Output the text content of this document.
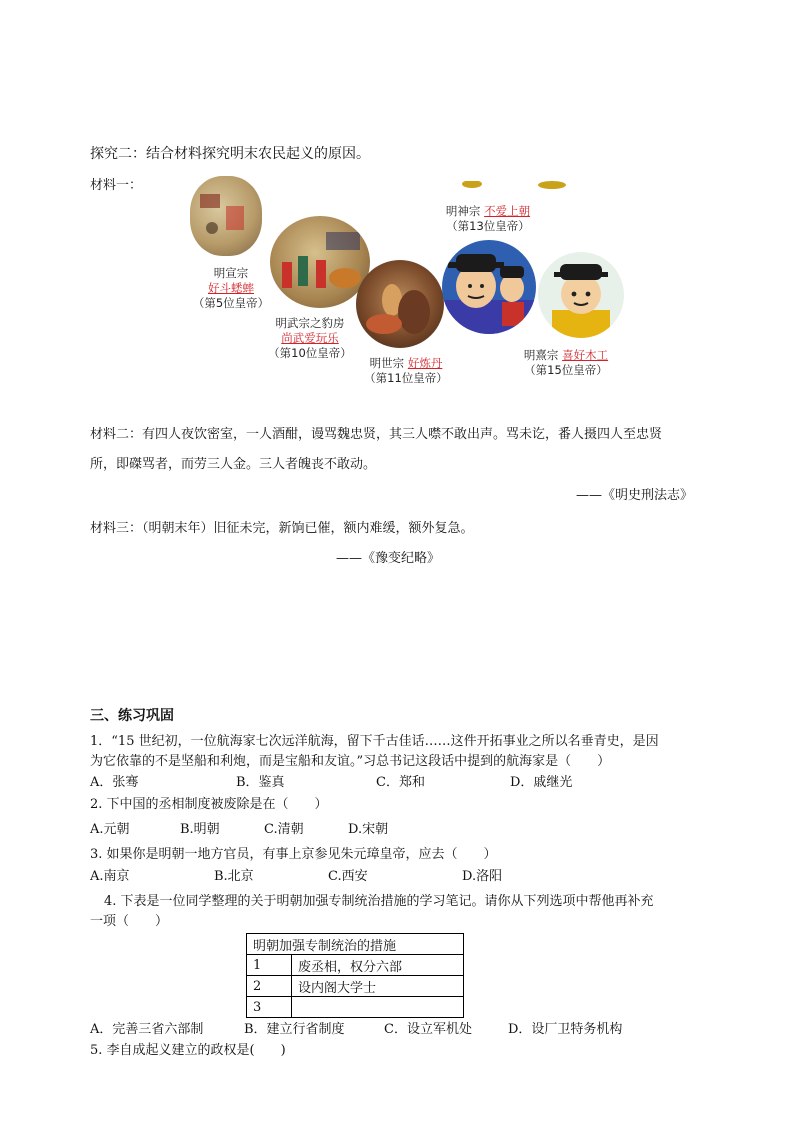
探究二：结合材料探究明末农民起义的原因。
材料一：
明宣宗
好斗蟋蟀
（第5位皇帝）
明武宗之豹房
尚武爱玩乐
（第10位皇帝）
明世宗 好炼丹
（第11位皇帝）
明神宗 不爱上朝
（第13位皇帝）
明熹宗 喜好木工
（第15位皇帝）
材料二：有四人夜饮密室，一人酒酣，谩骂魏忠贤，其三人噤不敢出声。骂未讫，番人摄四人至忠贤
所，即磔骂者，而劳三人金。三人者魄丧不敢动。
——《明史刑法志》
材料三：（明朝末年）旧征未完，新饷已催，额内难缓，额外复急。
——《豫变纪略》
三、练习巩固
1．“15 世纪初，一位航海家七次远洋航海，留下千古佳话……这件开拓事业之所以名垂青史，是因
为它依靠的不是坚船和利炮，而是宝船和友谊。”习总书记这段话中提到的航海家是（　　）
A．张骞	B．鉴真	C．郑和	D．戚继光
2. 下中国的丞相制度被废除是在（　　）
A.元朝	B.明朝	C.清朝	D.宋朝
3. 如果你是明朝一地方官员，有事上京参见朱元璋皇帝，应去（　　）
A.南京	B.北京	C.西安	D.洛阳
4. 下表是一位同学整理的关于明朝加强专制统治措施的学习笔记。请你从下列选项中帮他再补充
一项（　　）
明朝加强专制统治的措施	
1	废丞相，权分六部
2	设内阁大学士
3	
A．完善三省六部制	B．建立行省制度	C．设立军机处	D．设厂卫特务机构
5. 李自成起义建立的政权是(　　)
